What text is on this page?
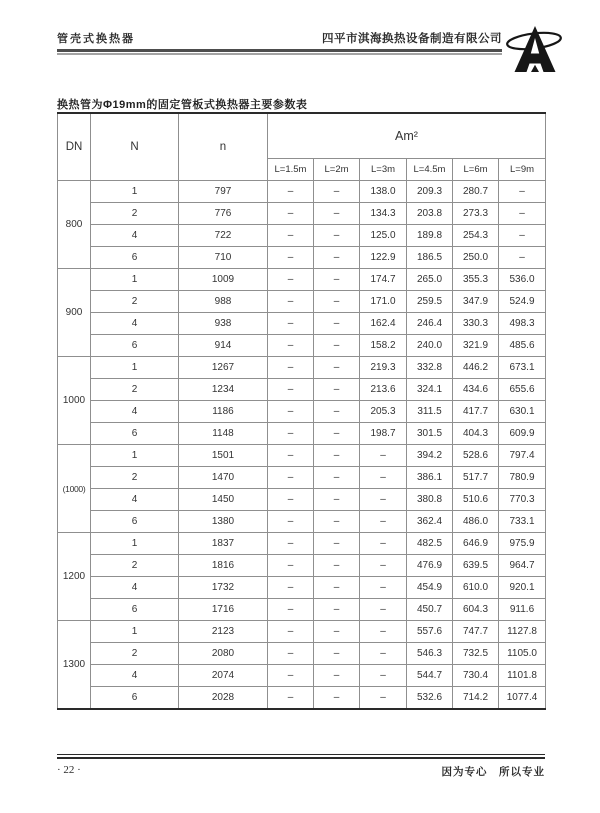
管壳式换热器	四平市淇海换热设备制造有限公司
换热管为Φ19mm的固定管板式换热器主要参数表
DN	N	n	Am²					
			L=1.5m	L=2m	L=3m	L=4.5m	L=6m	L=9m
800	1	797	–	–	138.0	209.3	280.7	–
	2	776	–	–	134.3	203.8	273.3	–
	4	722	–	–	125.0	189.8	254.3	–
	6	710	–	–	122.9	186.5	250.0	–
900	1	1009	–	–	174.7	265.0	355.3	536.0
	2	988	–	–	171.0	259.5	347.9	524.9
	4	938	–	–	162.4	246.4	330.3	498.3
	6	914	–	–	158.2	240.0	321.9	485.6
1000	1	1267	–	–	219.3	332.8	446.2	673.1
	2	1234	–	–	213.6	324.1	434.6	655.6
	4	1186	–	–	205.3	311.5	417.7	630.1
	6	1148	–	–	198.7	301.5	404.3	609.9
(1000)	1	1501	–	–	–	394.2	528.6	797.4
	2	1470	–	–	–	386.1	517.7	780.9
	4	1450	–	–	–	380.8	510.6	770.3
	6	1380	–	–	–	362.4	486.0	733.1
1200	1	1837	–	–	–	482.5	646.9	975.9
	2	1816	–	–	–	476.9	639.5	964.7
	4	1732	–	–	–	454.9	610.0	920.1
	6	1716	–	–	–	450.7	604.3	911.6
1300	1	2123	–	–	–	557.6	747.7	1127.8
	2	2080	–	–	–	546.3	732.5	1105.0
	4	2074	–	–	–	544.7	730.4	1101.8
	6	2028	–	–	–	532.6	714.2	1077.4
· 22 ·	因为专心　所以专业
